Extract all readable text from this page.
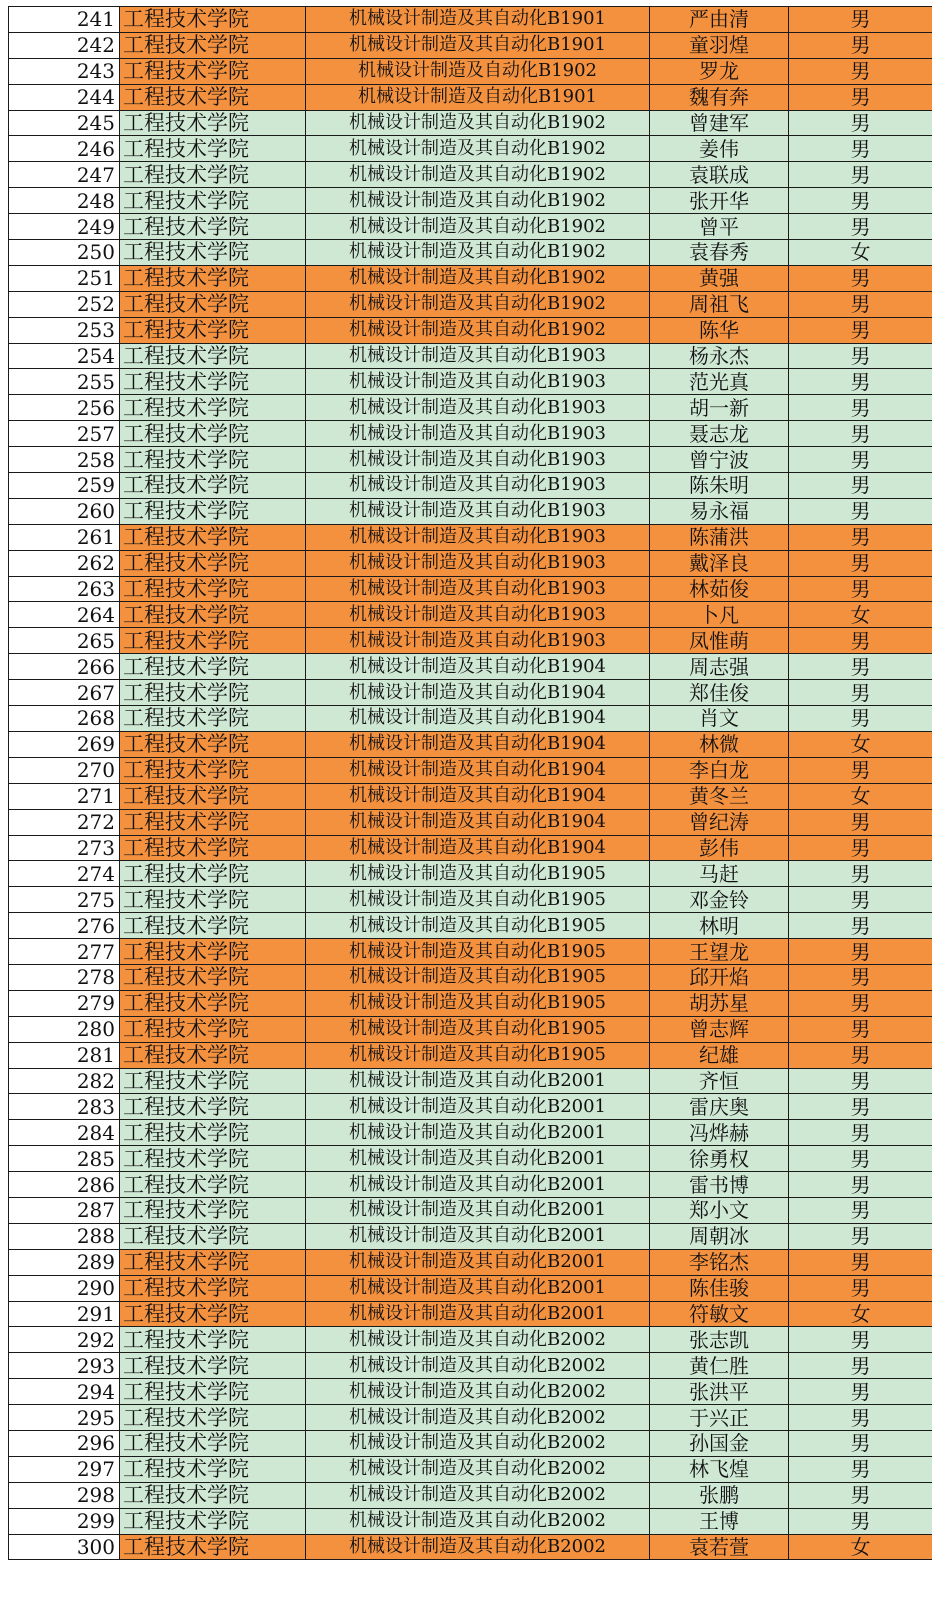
241	工程技术学院	机械设计制造及其自动化B1901	严由清	男
242	工程技术学院	机械设计制造及其自动化B1901	童羽煌	男
243	工程技术学院	机械设计制造及自动化B1902	罗龙	男
244	工程技术学院	机械设计制造及自动化B1901	魏有奔	男
245	工程技术学院	机械设计制造及其自动化B1902	曾建军	男
246	工程技术学院	机械设计制造及其自动化B1902	姜伟	男
247	工程技术学院	机械设计制造及其自动化B1902	袁联成	男
248	工程技术学院	机械设计制造及其自动化B1902	张开华	男
249	工程技术学院	机械设计制造及其自动化B1902	曾平	男
250	工程技术学院	机械设计制造及其自动化B1902	袁春秀	女
251	工程技术学院	机械设计制造及其自动化B1902	黄强	男
252	工程技术学院	机械设计制造及其自动化B1902	周祖飞	男
253	工程技术学院	机械设计制造及其自动化B1902	陈华	男
254	工程技术学院	机械设计制造及其自动化B1903	杨永杰	男
255	工程技术学院	机械设计制造及其自动化B1903	范光真	男
256	工程技术学院	机械设计制造及其自动化B1903	胡一新	男
257	工程技术学院	机械设计制造及其自动化B1903	聂志龙	男
258	工程技术学院	机械设计制造及其自动化B1903	曾宁波	男
259	工程技术学院	机械设计制造及其自动化B1903	陈朱明	男
260	工程技术学院	机械设计制造及其自动化B1903	易永福	男
261	工程技术学院	机械设计制造及其自动化B1903	陈蒲洪	男
262	工程技术学院	机械设计制造及其自动化B1903	戴泽良	男
263	工程技术学院	机械设计制造及其自动化B1903	林茹俊	男
264	工程技术学院	机械设计制造及其自动化B1903	卜凡	女
265	工程技术学院	机械设计制造及其自动化B1903	凤惟萌	男
266	工程技术学院	机械设计制造及其自动化B1904	周志强	男
267	工程技术学院	机械设计制造及其自动化B1904	郑佳俊	男
268	工程技术学院	机械设计制造及其自动化B1904	肖文	男
269	工程技术学院	机械设计制造及其自动化B1904	林微	女
270	工程技术学院	机械设计制造及其自动化B1904	李白龙	男
271	工程技术学院	机械设计制造及其自动化B1904	黄冬兰	女
272	工程技术学院	机械设计制造及其自动化B1904	曾纪涛	男
273	工程技术学院	机械设计制造及其自动化B1904	彭伟	男
274	工程技术学院	机械设计制造及其自动化B1905	马赶	男
275	工程技术学院	机械设计制造及其自动化B1905	邓金铃	男
276	工程技术学院	机械设计制造及其自动化B1905	林明	男
277	工程技术学院	机械设计制造及其自动化B1905	王望龙	男
278	工程技术学院	机械设计制造及其自动化B1905	邱开焰	男
279	工程技术学院	机械设计制造及其自动化B1905	胡苏星	男
280	工程技术学院	机械设计制造及其自动化B1905	曾志辉	男
281	工程技术学院	机械设计制造及其自动化B1905	纪雄	男
282	工程技术学院	机械设计制造及其自动化B2001	齐恒	男
283	工程技术学院	机械设计制造及其自动化B2001	雷庆奥	男
284	工程技术学院	机械设计制造及其自动化B2001	冯烨赫	男
285	工程技术学院	机械设计制造及其自动化B2001	徐勇权	男
286	工程技术学院	机械设计制造及其自动化B2001	雷书博	男
287	工程技术学院	机械设计制造及其自动化B2001	郑小文	男
288	工程技术学院	机械设计制造及其自动化B2001	周朝冰	男
289	工程技术学院	机械设计制造及其自动化B2001	李铭杰	男
290	工程技术学院	机械设计制造及其自动化B2001	陈佳骏	男
291	工程技术学院	机械设计制造及其自动化B2001	符敏文	女
292	工程技术学院	机械设计制造及其自动化B2002	张志凯	男
293	工程技术学院	机械设计制造及其自动化B2002	黄仁胜	男
294	工程技术学院	机械设计制造及其自动化B2002	张洪平	男
295	工程技术学院	机械设计制造及其自动化B2002	于兴正	男
296	工程技术学院	机械设计制造及其自动化B2002	孙国金	男
297	工程技术学院	机械设计制造及其自动化B2002	林飞煌	男
298	工程技术学院	机械设计制造及其自动化B2002	张鹏	男
299	工程技术学院	机械设计制造及其自动化B2002	王博	男
300	工程技术学院	机械设计制造及其自动化B2002	袁若萱	女
